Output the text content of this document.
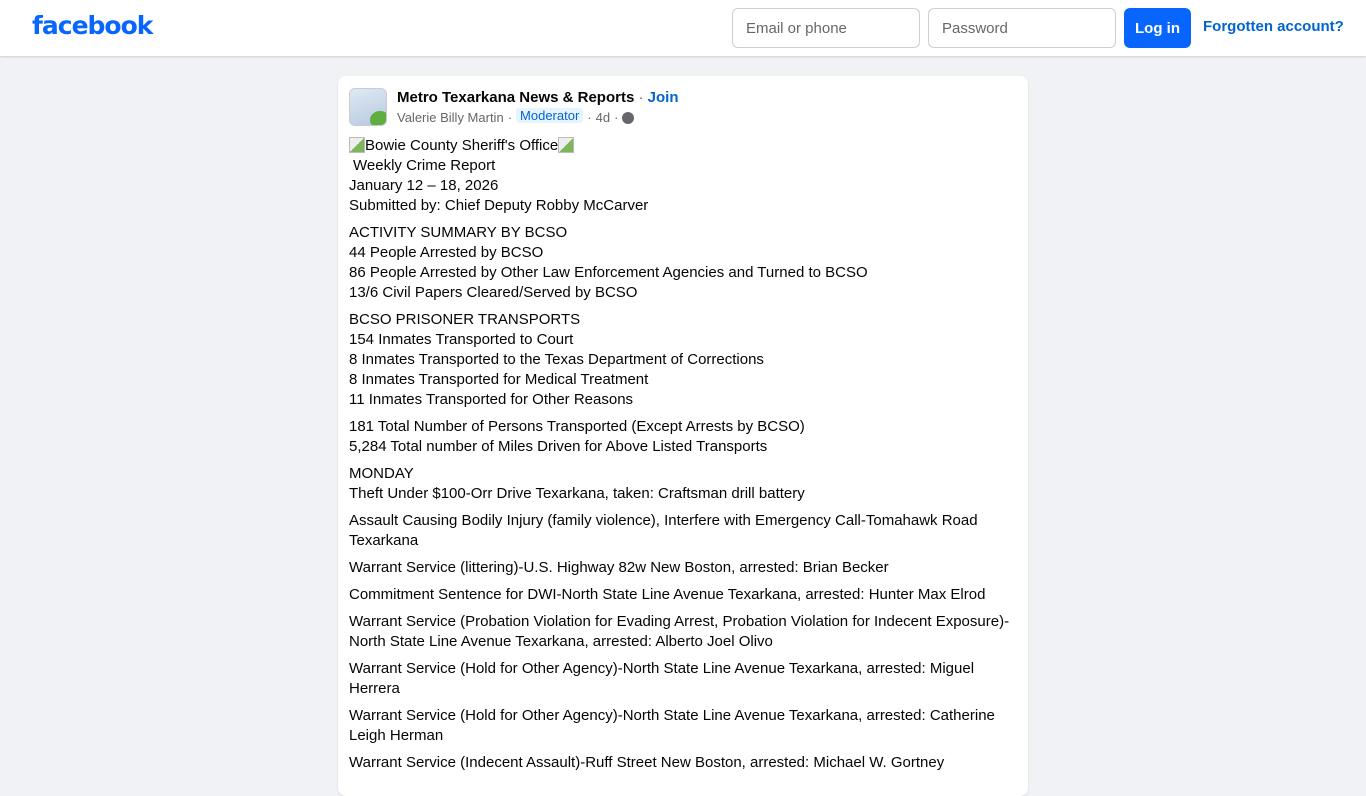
facebook
Email or phone	Log in	Forgotten account?
Metro Texarkana News & Reports · Join
Valerie Billy Martin · Moderator · 4d ·
Bowie County Sheriff's Office

Weekly Crime Report
January 12 – 18, 2026
Submitted by: Chief Deputy Robby McCarver

ACTIVITY SUMMARY BY BCSO
44 People Arrested by BCSO
86 People Arrested by Other Law Enforcement Agencies and Turned to BCSO
13/6 Civil Papers Cleared/Served by BCSO

BCSO PRISONER TRANSPORTS
154 Inmates Transported to Court
8 Inmates Transported to the Texas Department of Corrections
8 Inmates Transported for Medical Treatment
11 Inmates Transported for Other Reasons

181 Total Number of Persons Transported (Except Arrests by BCSO)
5,284 Total number of Miles Driven for Above Listed Transports

MONDAY
Theft Under $100-Orr Drive Texarkana, taken: Craftsman drill battery

Assault Causing Bodily Injury (family violence), Interfere with Emergency Call-Tomahawk Road Texarkana

Warrant Service (littering)-U.S. Highway 82w New Boston, arrested: Brian Becker

Commitment Sentence for DWI-North State Line Avenue Texarkana, arrested: Hunter Max Elrod

Warrant Service (Probation Violation for Evading Arrest, Probation Violation for Indecent Exposure)-North State Line Avenue Texarkana, arrested: Alberto Joel Olivo

Warrant Service (Hold for Other Agency)-North State Line Avenue Texarkana, arrested: Miguel Herrera

Warrant Service (Hold for Other Agency)-North State Line Avenue Texarkana, arrested: Catherine Leigh Herman

Warrant Service (Indecent Assault)-Ruff Street New Boston, arrested: Michael W. Gortney
